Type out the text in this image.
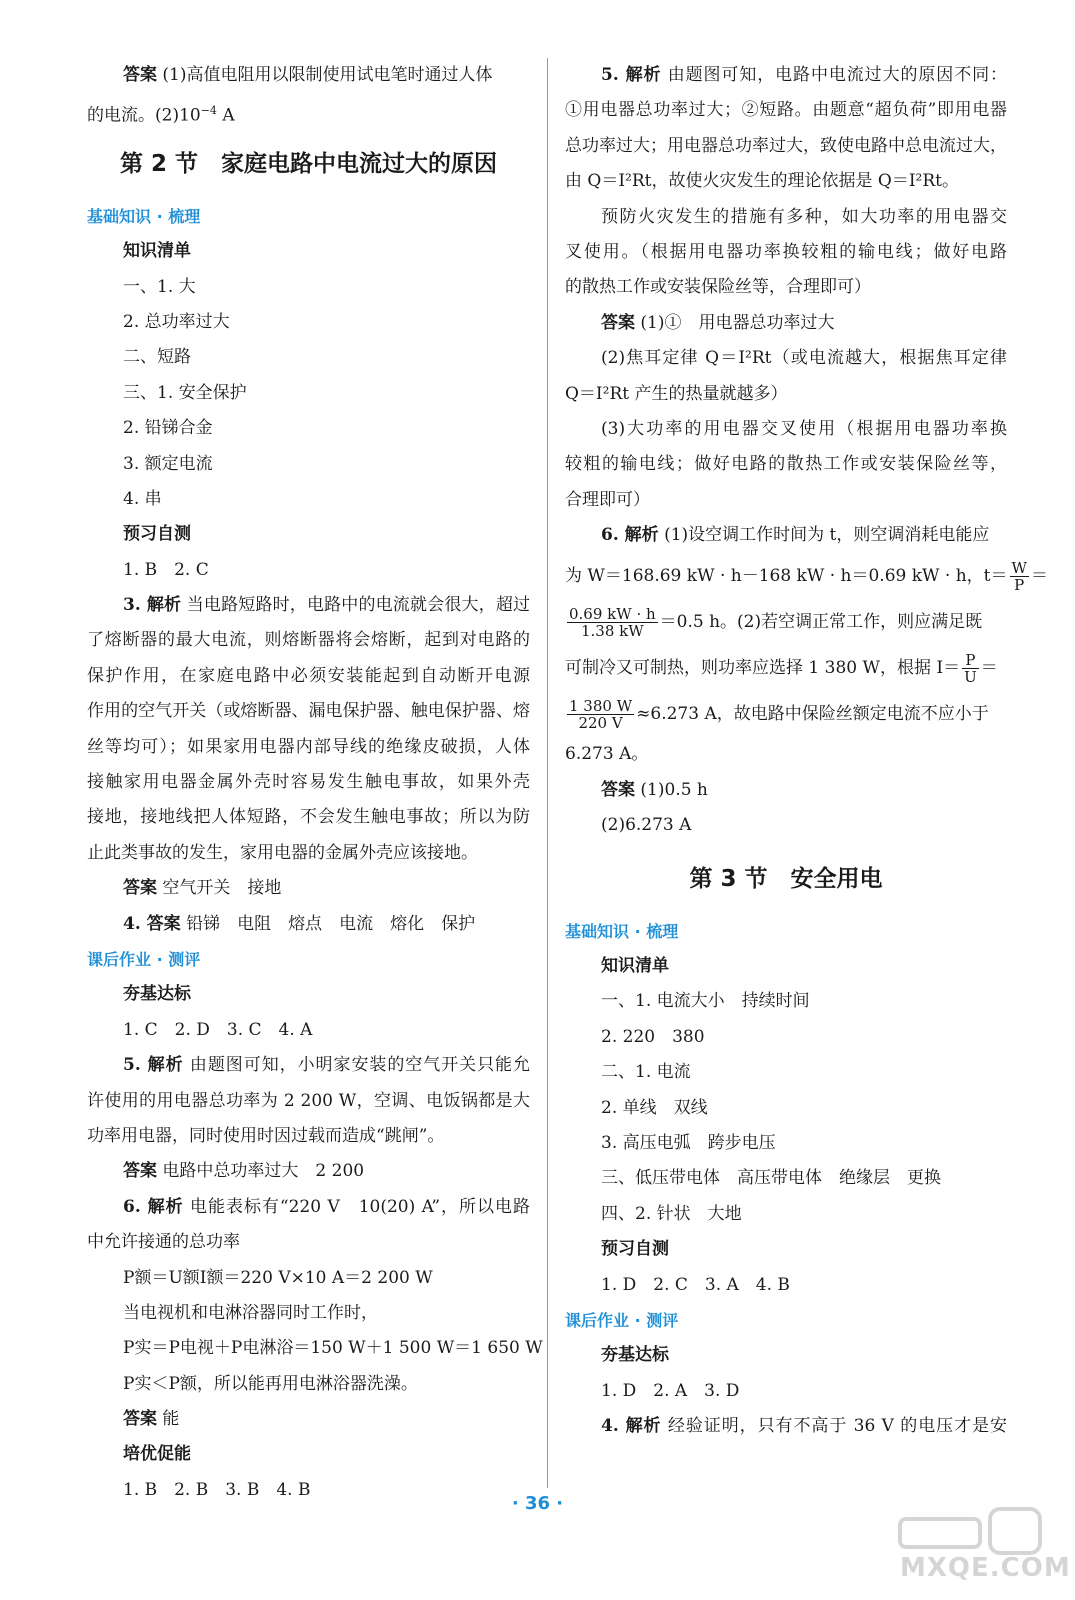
答案 (1)高值电阻用以限制使用试电笔时通过人体
的电流。$(2)10^{-4}$ A
第 2 节　家庭电路中电流过大的原因
基础知识 · 梳理
知识清单
一、1. 大
2. 总功率过大
二、短路
三、1. 安全保护
2. 铅锑合金
3. 额定电流
4. 串
预习自测
1. B　2. C
3. 解析 当电路短路时，电路中的电流就会很大，超过
了熔断器的最大电流，则熔断器将会熔断，起到对电路的
保护作用，在家庭电路中必须安装能起到自动断开电源
作用的空气开关（或熔断器、漏电保护器、触电保护器、熔
丝等均可）；如果家用电器内部导线的绝缘皮破损，人体
接触家用电器金属外壳时容易发生触电事故，如果外壳
接地，接地线把人体短路，不会发生触电事故；所以为防
止此类事故的发生，家用电器的金属外壳应该接地。
答案 空气开关　接地
4. 答案 铅锑　电阻　熔点　电流　熔化　保护
课后作业 · 测评
夯基达标
1. C　2. D　3. C　4. A
5. 解析 由题图可知，小明家安装的空气开关只能允
许使用的用电器总功率为 2 200 W，空调、电饭锅都是大
功率用电器，同时使用时因过载而造成“跳闸”。
答案 电路中总功率过大　2 200
6. 解析 电能表标有“220 V　10(20) A”，所以电路
中允许接通的总功率
P额＝U额I额＝220 V×10 A＝2 200 W
当电视机和电淋浴器同时工作时，
P实＝P电视＋P电淋浴＝150 W＋1 500 W＝1 650 W
P实＜P额，所以能再用电淋浴器洗澡。
答案 能
培优促能
1. B　2. B　3. B　4. B
5. 解析 由题图可知，电路中电流过大的原因不同：
①用电器总功率过大；②短路。由题意“超负荷”即用电器
总功率过大；用电器总功率过大，致使电路中总电流过大，
由 Q＝I²Rt，故使火灾发生的理论依据是 Q＝I²Rt。
预防火灾发生的措施有多种，如大功率的用电器交
叉使用。（根据用电器功率换较粗的输电线；做好电路
的散热工作或安装保险丝等，合理即可）
答案 (1)①　用电器总功率过大
(2)焦耳定律 Q＝I²Rt（或电流越大，根据焦耳定律
Q＝I²Rt 产生的热量就越多）
(3)大功率的用电器交叉使用（根据用电器功率换
较粗的输电线；做好电路的散热工作或安装保险丝等，
合理即可）
6. 解析 (1)设空调工作时间为 t，则空调消耗电能应
为 W＝168.69 kW · h－168 kW · h＝0.69 kW · h，$t= \frac{W}{P}$ ＝
$\frac{0.69 kW \cdot h}{1.38 kW} =0.5$ h。(2)若空调正常工作，则应满足既
可制冷又可制热，则功率应选择 1 380 W，根据 $I= \frac{P}{U}$ ＝
$\frac{1 380 W}{220 V} \approx 6.273$ A，故电路中保险丝额定电流不应小于
6.273 A。
答案 (1)0.5 h
(2)6.273 A
第 3 节　安全用电
基础知识 · 梳理
知识清单
一、1. 电流大小　持续时间
2. 220　380
二、1. 电流
2. 单线　双线
3. 高压电弧　跨步电压
三、低压带电体　高压带电体　绝缘层　更换
四、2. 针状　大地
预习自测
1. D　2. C　3. A　4. B
课后作业 · 测评
夯基达标
1. D　2. A　3. D
4. 解析 经验证明，只有不高于 36 V 的电压才是安
· 36 ·
MXQE.COM
